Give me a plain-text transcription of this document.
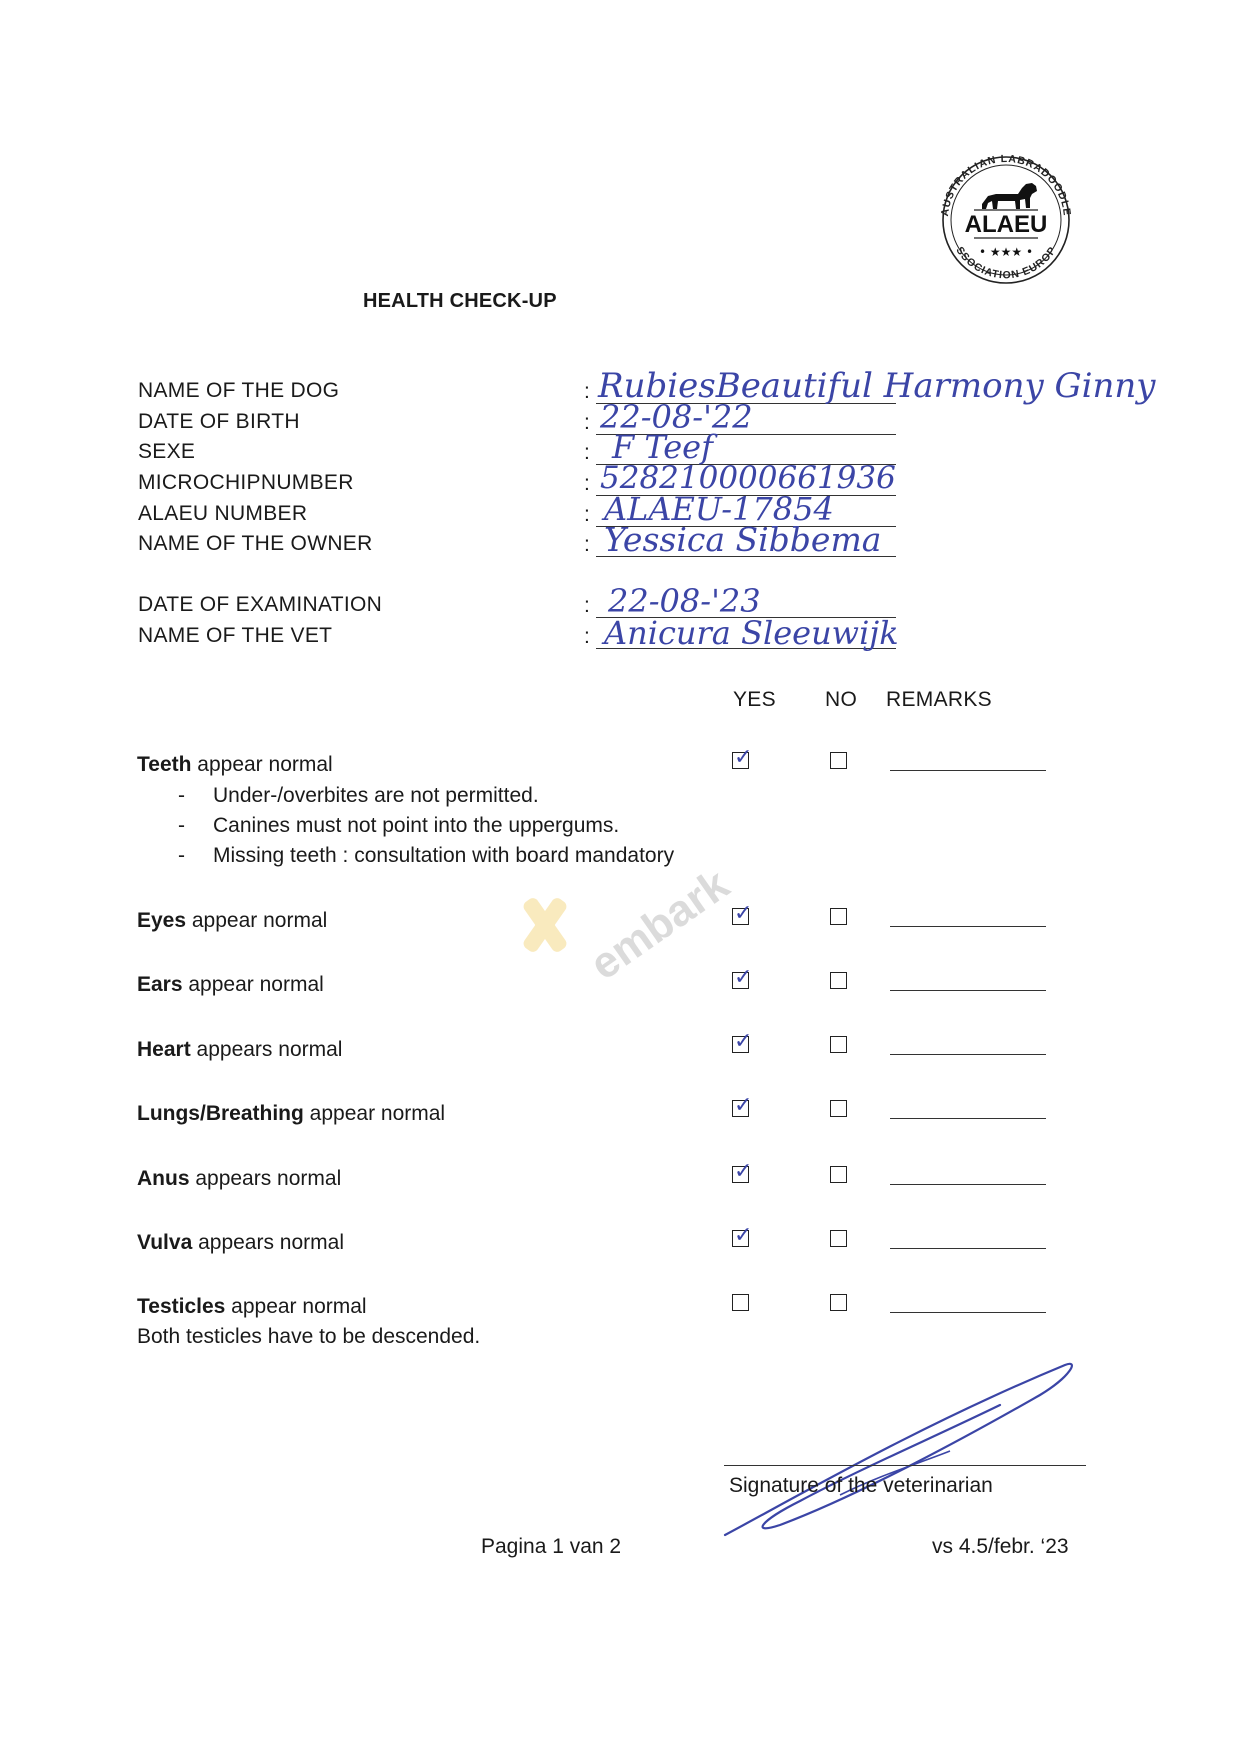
AUSTRALIAN LABRADOODLE
SSOCIATION EUROP
ALAEU
• ★★★ •
HEALTH CHECK-UP
NAME OF THE DOG
DATE OF BIRTH
SEXE
MICROCHIPNUMBER
ALAEU NUMBER
NAME OF THE OWNER
DATE OF EXAMINATION
NAME OF THE VET
:
:
:
:
:
:
:
:
RubiesBeautiful Harmony Ginny
22-08-'22
F Teef
528210000661936
ALAEU-17854
Yessica Sibbema
22-08-'23
Anicura Sleeuwijk
YES NO REMARKS
Teeth appear normal
-
-
-
Under-/overbites are not permitted.
Canines must not point into the uppergums.
Missing teeth : consultation with board mandatory
Eyes appear normal
Ears appear normal
Heart appears normal
Lungs/Breathing appear normal
Anus appears normal
Vulva appears normal
Testicles appear normal
Both testicles have to be descended.
✓
✓
✓
✓
✓
✓
✓
embark
Signature of the veterinarian
Pagina 1 van 2	vs 4.5/febr. ‘23
